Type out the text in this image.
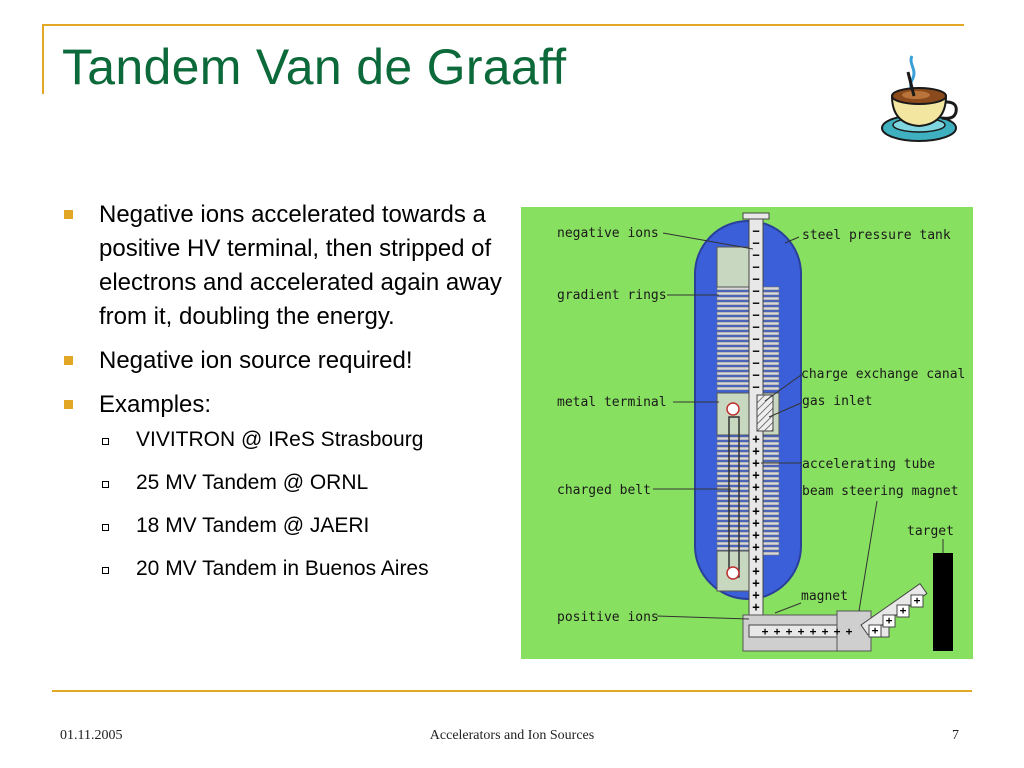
Tandem Van de Graaff
Negative ions accelerated towards a positive HV terminal, then stripped of electrons and accelerated again away from it, doubling the energy.
Negative ion source required!
Examples:
VIVITRON @ IReS Strasbourg
25 MV Tandem @ ORNL
18 MV Tandem @ JAERI
20 MV Tandem in Buenos Aires
−
−
−
−
−
−
−
−
−
−
−
−
−
−
+
+
+
+
+
+
+
+
+
+
+
+
+
+
+
+ + + + + + + + +
+
+
+
negative ions
gradient rings
metal terminal
charged belt
positive ions
steel pressure tank
charge exchange canal
gas inlet
accelerating tube
beam steering magnet
magnet
target
01.11.2005	Accelerators and Ion Sources	7
